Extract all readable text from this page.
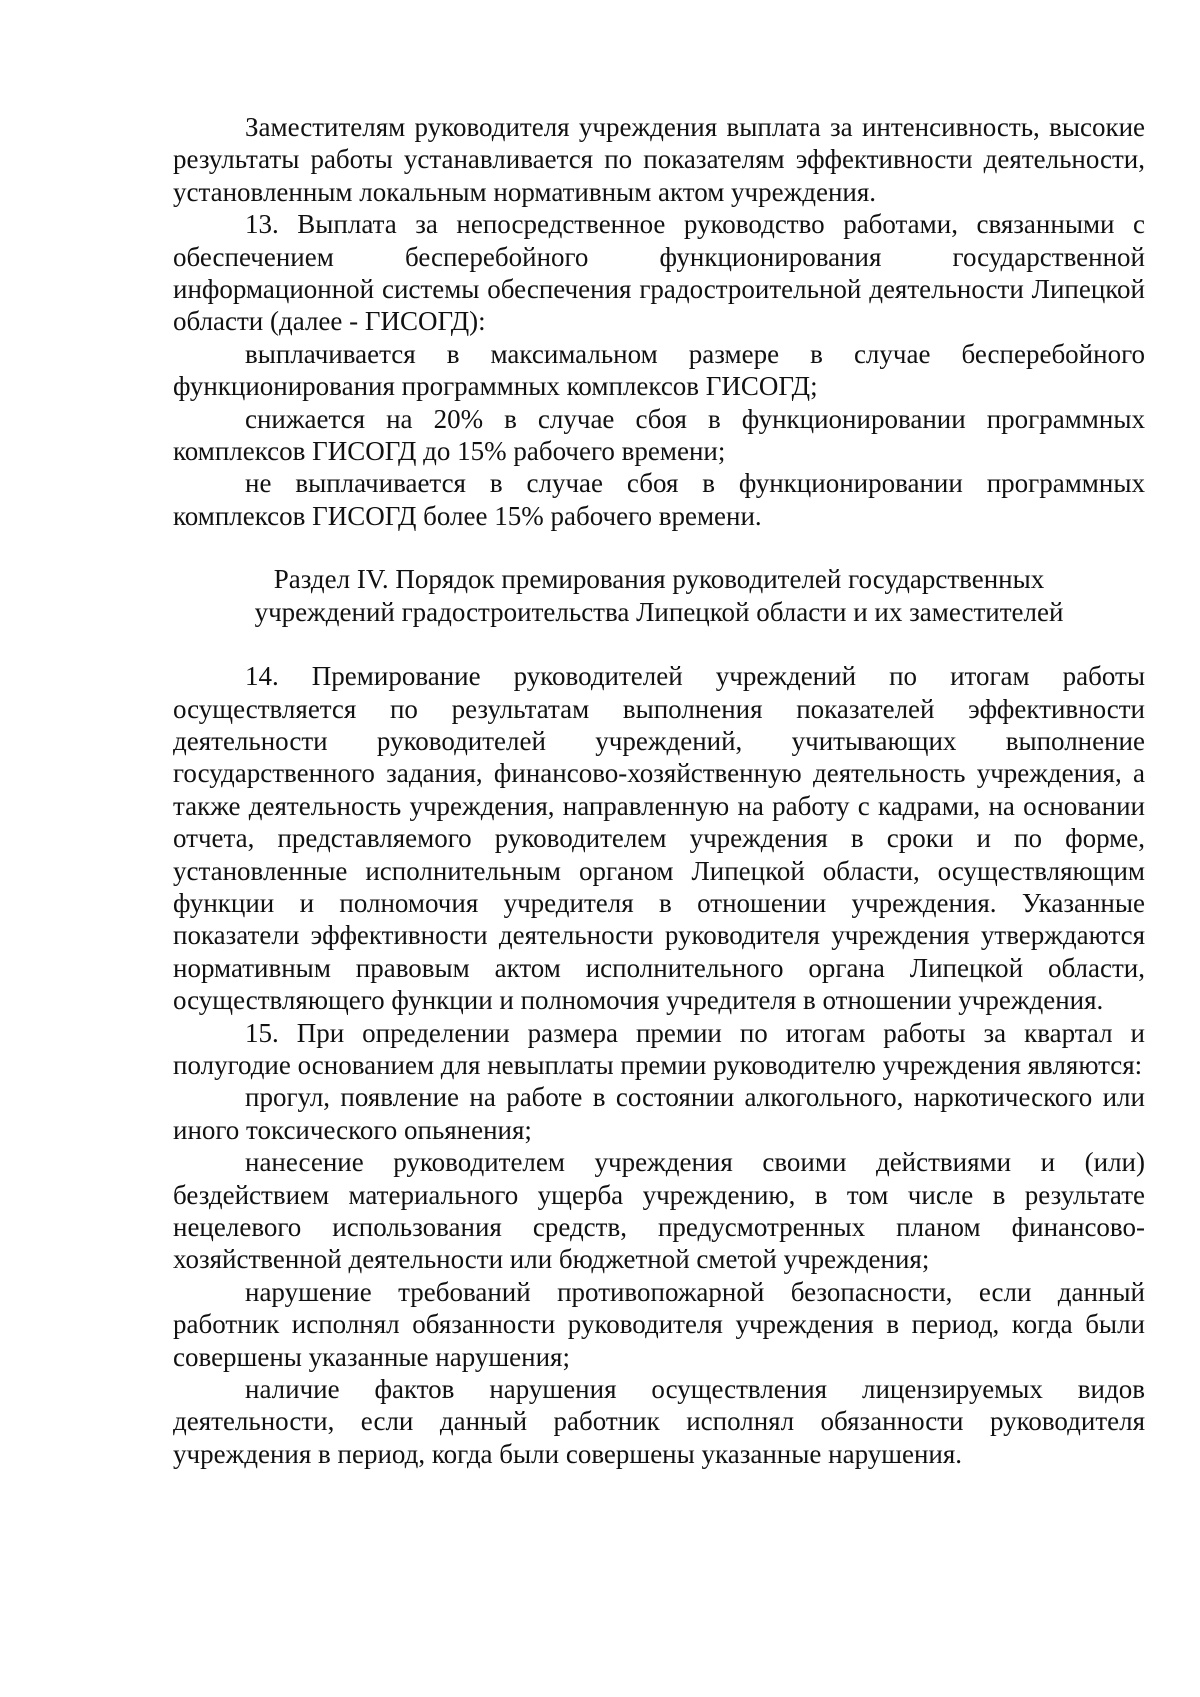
Заместителям руководителя учреждения выплата за интенсивность, высокие результаты работы устанавливается по показателям эффективности деятельности, установленным локальным нормативным актом учреждения.

13. Выплата за непосредственное руководство работами, связанными с обеспечением бесперебойного функционирования государственной информационной системы обеспечения градостроительной деятельности Липецкой области (далее - ГИСОГД):

выплачивается в максимальном размере в случае бесперебойного функционирования программных комплексов ГИСОГД;

снижается на 20% в случае сбоя в функционировании программных комплексов ГИСОГД до 15% рабочего времени;

не выплачивается в случае сбоя в функционировании программных комплексов ГИСОГД более 15% рабочего времени.

Раздел IV. Порядок премирования руководителей государственных
учреждений градостроительства Липецкой области и их заместителей

14. Премирование руководителей учреждений по итогам работы осуществляется по результатам выполнения показателей эффективности деятельности руководителей учреждений, учитывающих выполнение государственного задания, финансово-хозяйственную деятельность учреждения, а также деятельность учреждения, направленную на работу с кадрами, на основании отчета, представляемого руководителем учреждения в сроки и по форме, установленные исполнительным органом Липецкой области, осуществляющим функции и полномочия учредителя в отношении учреждения. Указанные показатели эффективности деятельности руководителя учреждения утверждаются нормативным правовым актом исполнительного органа Липецкой области, осуществляющего функции и полномочия учредителя в отношении учреждения.

15. При определении размера премии по итогам работы за квартал и полугодие основанием для невыплаты премии руководителю учреждения являются:

прогул, появление на работе в состоянии алкогольного, наркотического или иного токсического опьянения;

нанесение руководителем учреждения своими действиями и (или) бездействием материального ущерба учреждению, в том числе в результате нецелевого использования средств, предусмотренных планом финансово-хозяйственной деятельности или бюджетной сметой учреждения;

нарушение требований противопожарной безопасности, если данный работник исполнял обязанности руководителя учреждения в период, когда были совершены указанные нарушения;

наличие фактов нарушения осуществления лицензируемых видов деятельности, если данный работник исполнял обязанности руководителя учреждения в период, когда были совершены указанные нарушения.
